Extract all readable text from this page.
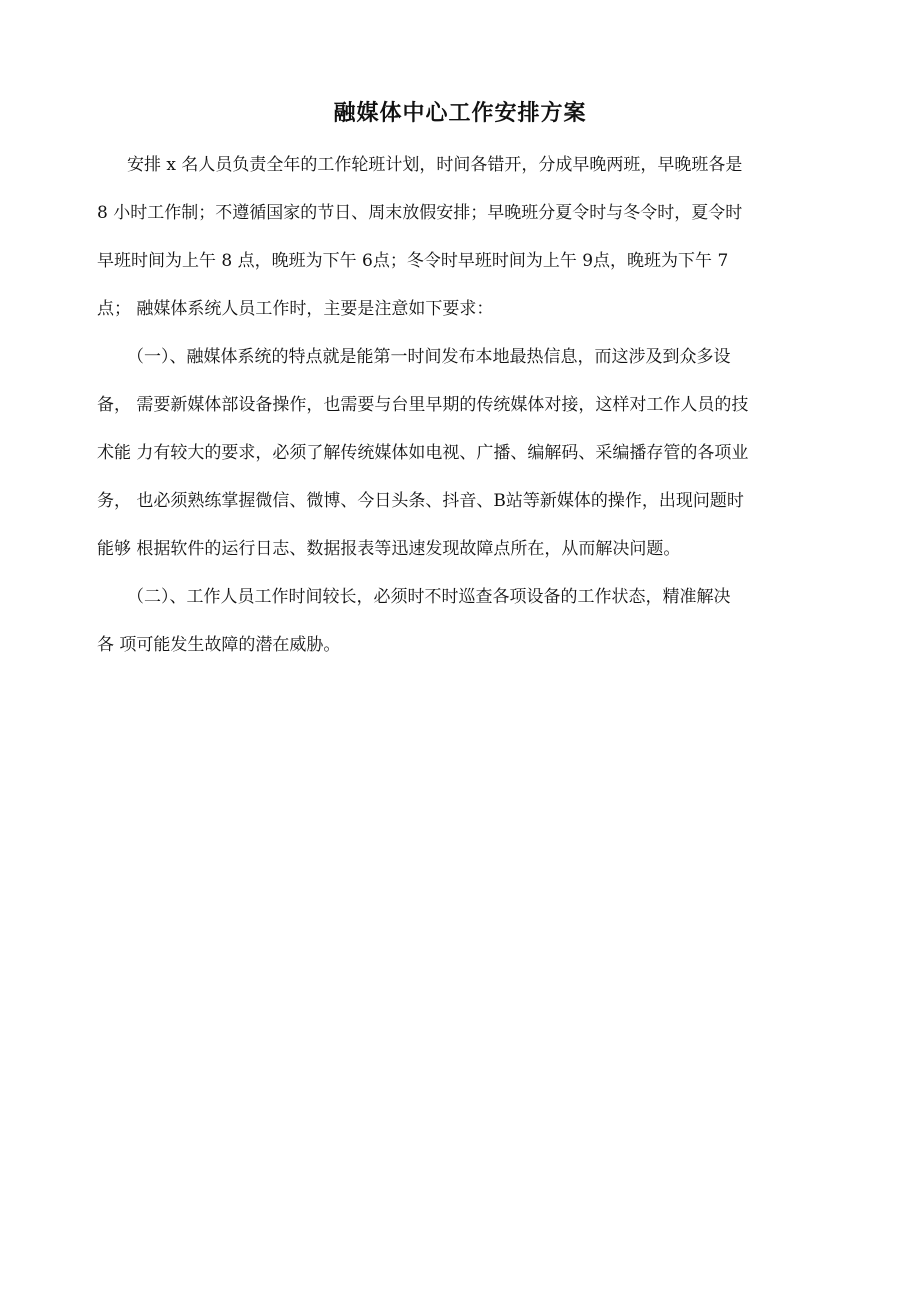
融媒体中心工作安排方案

安排 x 名人员负责全年的工作轮班计划，时间各错开，分成早晚两班，早晚班各是

8 小时工作制；不遵循国家的节日、周末放假安排；早晚班分夏令时与冬令时，夏令时

早班时间为上午 8 点，晚班为下午 6点；冬令时早班时间为上午 9点，晚班为下午 7

点； 融媒体系统人员工作时，主要是注意如下要求：

（一）、融媒体系统的特点就是能第一时间发布本地最热信息，而这涉及到众多设

备， 需要新媒体部设备操作，也需要与台里早期的传统媒体对接，这样对工作人员的技

术能 力有较大的要求，必须了解传统媒体如电视、广播、编解码、采编播存管的各项业

务， 也必须熟练掌握微信、微博、今日头条、抖音、B站等新媒体的操作，出现问题时

能够 根据软件的运行日志、数据报表等迅速发现故障点所在，从而解决问题。

（二）、工作人员工作时间较长，必须时不时巡查各项设备的工作状态，精准解决

各 项可能发生故障的潜在威胁。
